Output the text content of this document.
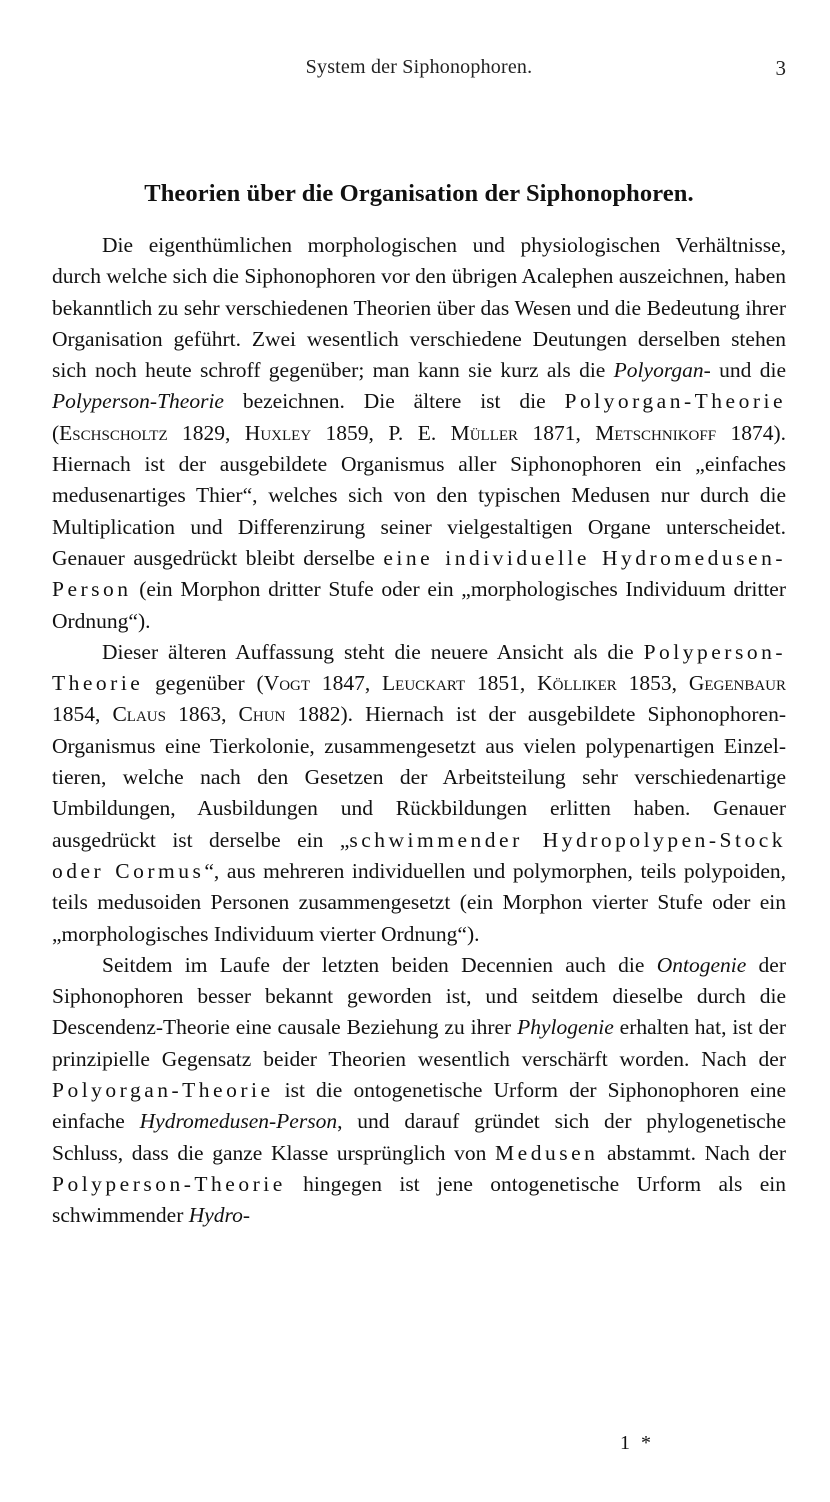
System der Siphonophoren.	3
Theorien über die Organisation der Siphonophoren.

Die eigenthümlichen morphologischen und physiologischen Verhältnisse, durch welche sich die Siphonophoren vor den übrigen Acalephen auszeichnen, haben bekanntlich zu sehr verschiedenen Theorien über das Wesen und die Bedeutung ihrer Organisation geführt. Zwei wesentlich verschiedene Deutungen derselben stehen sich noch heute schroff gegenüber; man kann sie kurz als die Polyorgan- und die Polyperson-Theorie bezeichnen. Die ältere ist die Polyorgan-Theorie (Eschscholtz 1829, Huxley 1859, P. E. Müller 1871, Metschnikoff 1874). Hiernach ist der ausgebildete Organismus aller Siphonophoren ein „einfaches medusenartiges Thier“, welches sich von den typischen Medusen nur durch die Multiplication und Differenzirung seiner vielgestaltigen Organe unterscheidet. Genauer ausgedrückt bleibt derselbe eine individuelle Hydromedusen-Person (ein Morphon dritter Stufe oder ein „morphologisches Individuum dritter Ordnung“).

Dieser älteren Auffassung steht die neuere Ansicht als die Polyperson-Theorie gegenüber (Vogt 1847, Leuckart 1851, Kölliker 1853, Gegenbaur 1854, Claus 1863, Chun 1882). Hiernach ist der ausgebildete Siphonophoren-Organismus eine Tierkolonie, zusammengesetzt aus vielen polypenartigen Einzeltieren, welche nach den Gesetzen der Arbeitsteilung sehr verschiedenartige Umbildungen, Ausbildungen und Rückbildungen erlitten haben. Genauer ausgedrückt ist derselbe ein „schwimmender Hydropolypen-Stock oder Cormus“, aus mehreren individuellen und polymorphen, teils polypoiden, teils medusoiden Personen zusammengesetzt (ein Morphon vierter Stufe oder ein „morphologisches Individuum vierter Ordnung“).

Seitdem im Laufe der letzten beiden Decennien auch die Ontogenie der Siphonophoren besser bekannt geworden ist, und seitdem dieselbe durch die Descendenz-Theorie eine causale Beziehung zu ihrer Phylogenie erhalten hat, ist der prinzipielle Gegensatz beider Theorien wesentlich verschärft worden. Nach der Polyorgan-Theorie ist die ontogenetische Urform der Siphonophoren eine einfache Hydromedusen-Person, und darauf gründet sich der phylogenetische Schluss, dass die ganze Klasse ursprünglich von Medusen abstammt. Nach der Polyperson-Theorie hingegen ist jene ontogenetische Urform als ein schwimmender Hydro-

1 *
